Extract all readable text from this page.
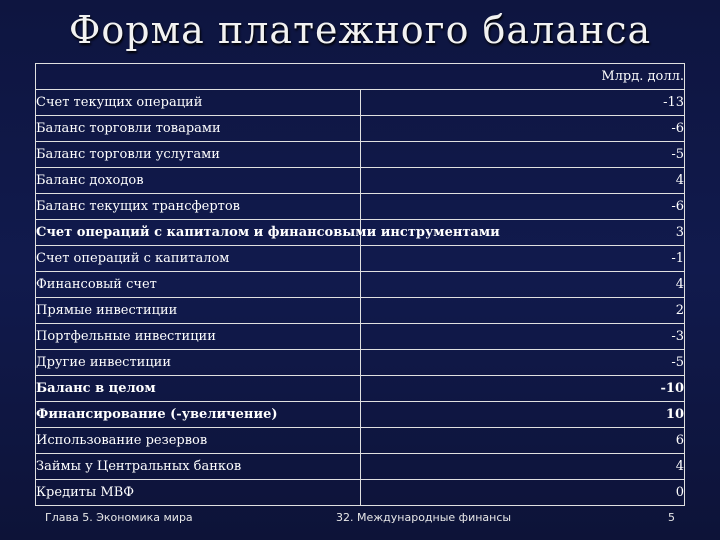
Форма платежного баланса
Млрд. долл.	
Счет текущих операций	-13
Баланс торговли товарами	-6
Баланс торговли услугами	-5
Баланс доходов	4
Баланс текущих трансфертов	-6
Счет операций с капиталом и финансовыми инструментами	3
Счет операций с капиталом	-1
Финансовый счет	4
Прямые инвестиции	2
Портфельные инвестиции	-3
Другие инвестиции	-5
Баланс в целом	-10
Финансирование (-увеличение)	10
Использование резервов	6
Займы у Центральных банков	4
Кредиты МВФ	0
Глава 5. Экономика мира	32. Международные финансы	5
